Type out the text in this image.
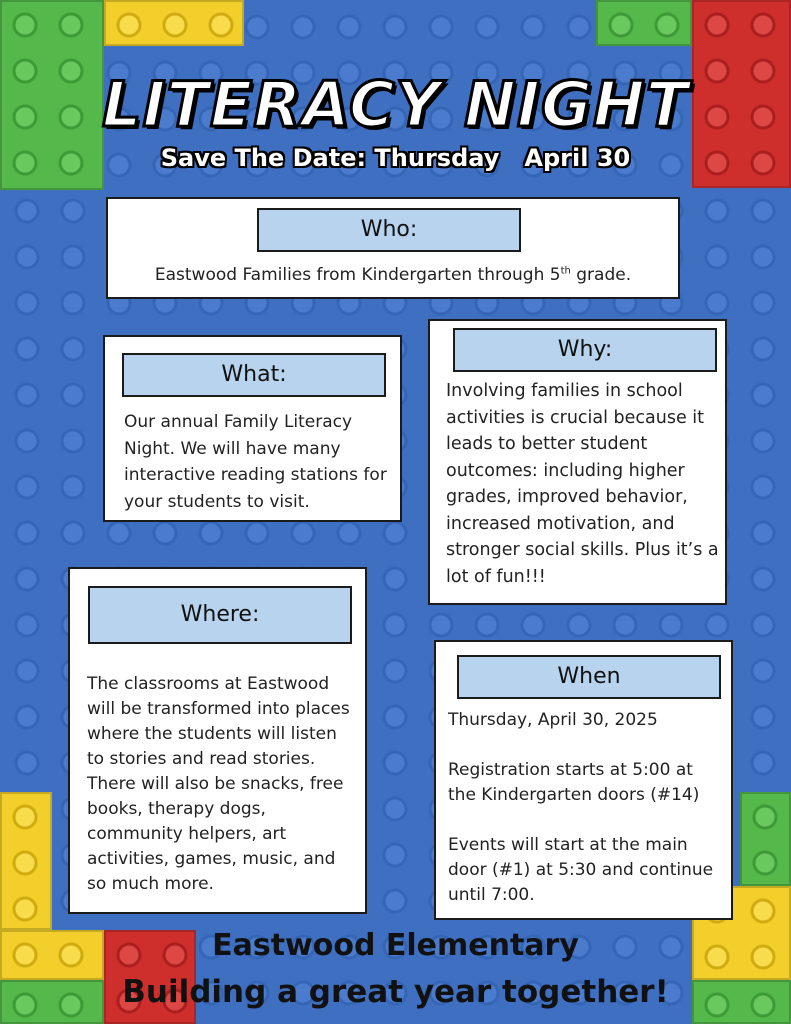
LITERACY NIGHT
Save The Date: Thursday   April 30
Who:
Eastwood Families from Kindergarten through 5th grade.
What:
Our annual Family Literacy Night. We will have many interactive reading stations for your students to visit.
Why:
Involving families in school activities is crucial because it leads to better student outcomes: including higher grades, improved behavior, increased motivation, and stronger social skills. Plus it’s a lot of fun!!!
Where:
The classrooms at Eastwood will be transformed into places where the students will listen to stories and read stories. There will also be snacks, free books, therapy dogs, community helpers, art activities, games, music, and so much more.
When
Thursday, April 30, 2025
Registration starts at 5:00 at the Kindergarten doors (#14)
Events will start at the main door (#1) at 5:30 and continue until 7:00.
Eastwood Elementary
Building a great year together!
